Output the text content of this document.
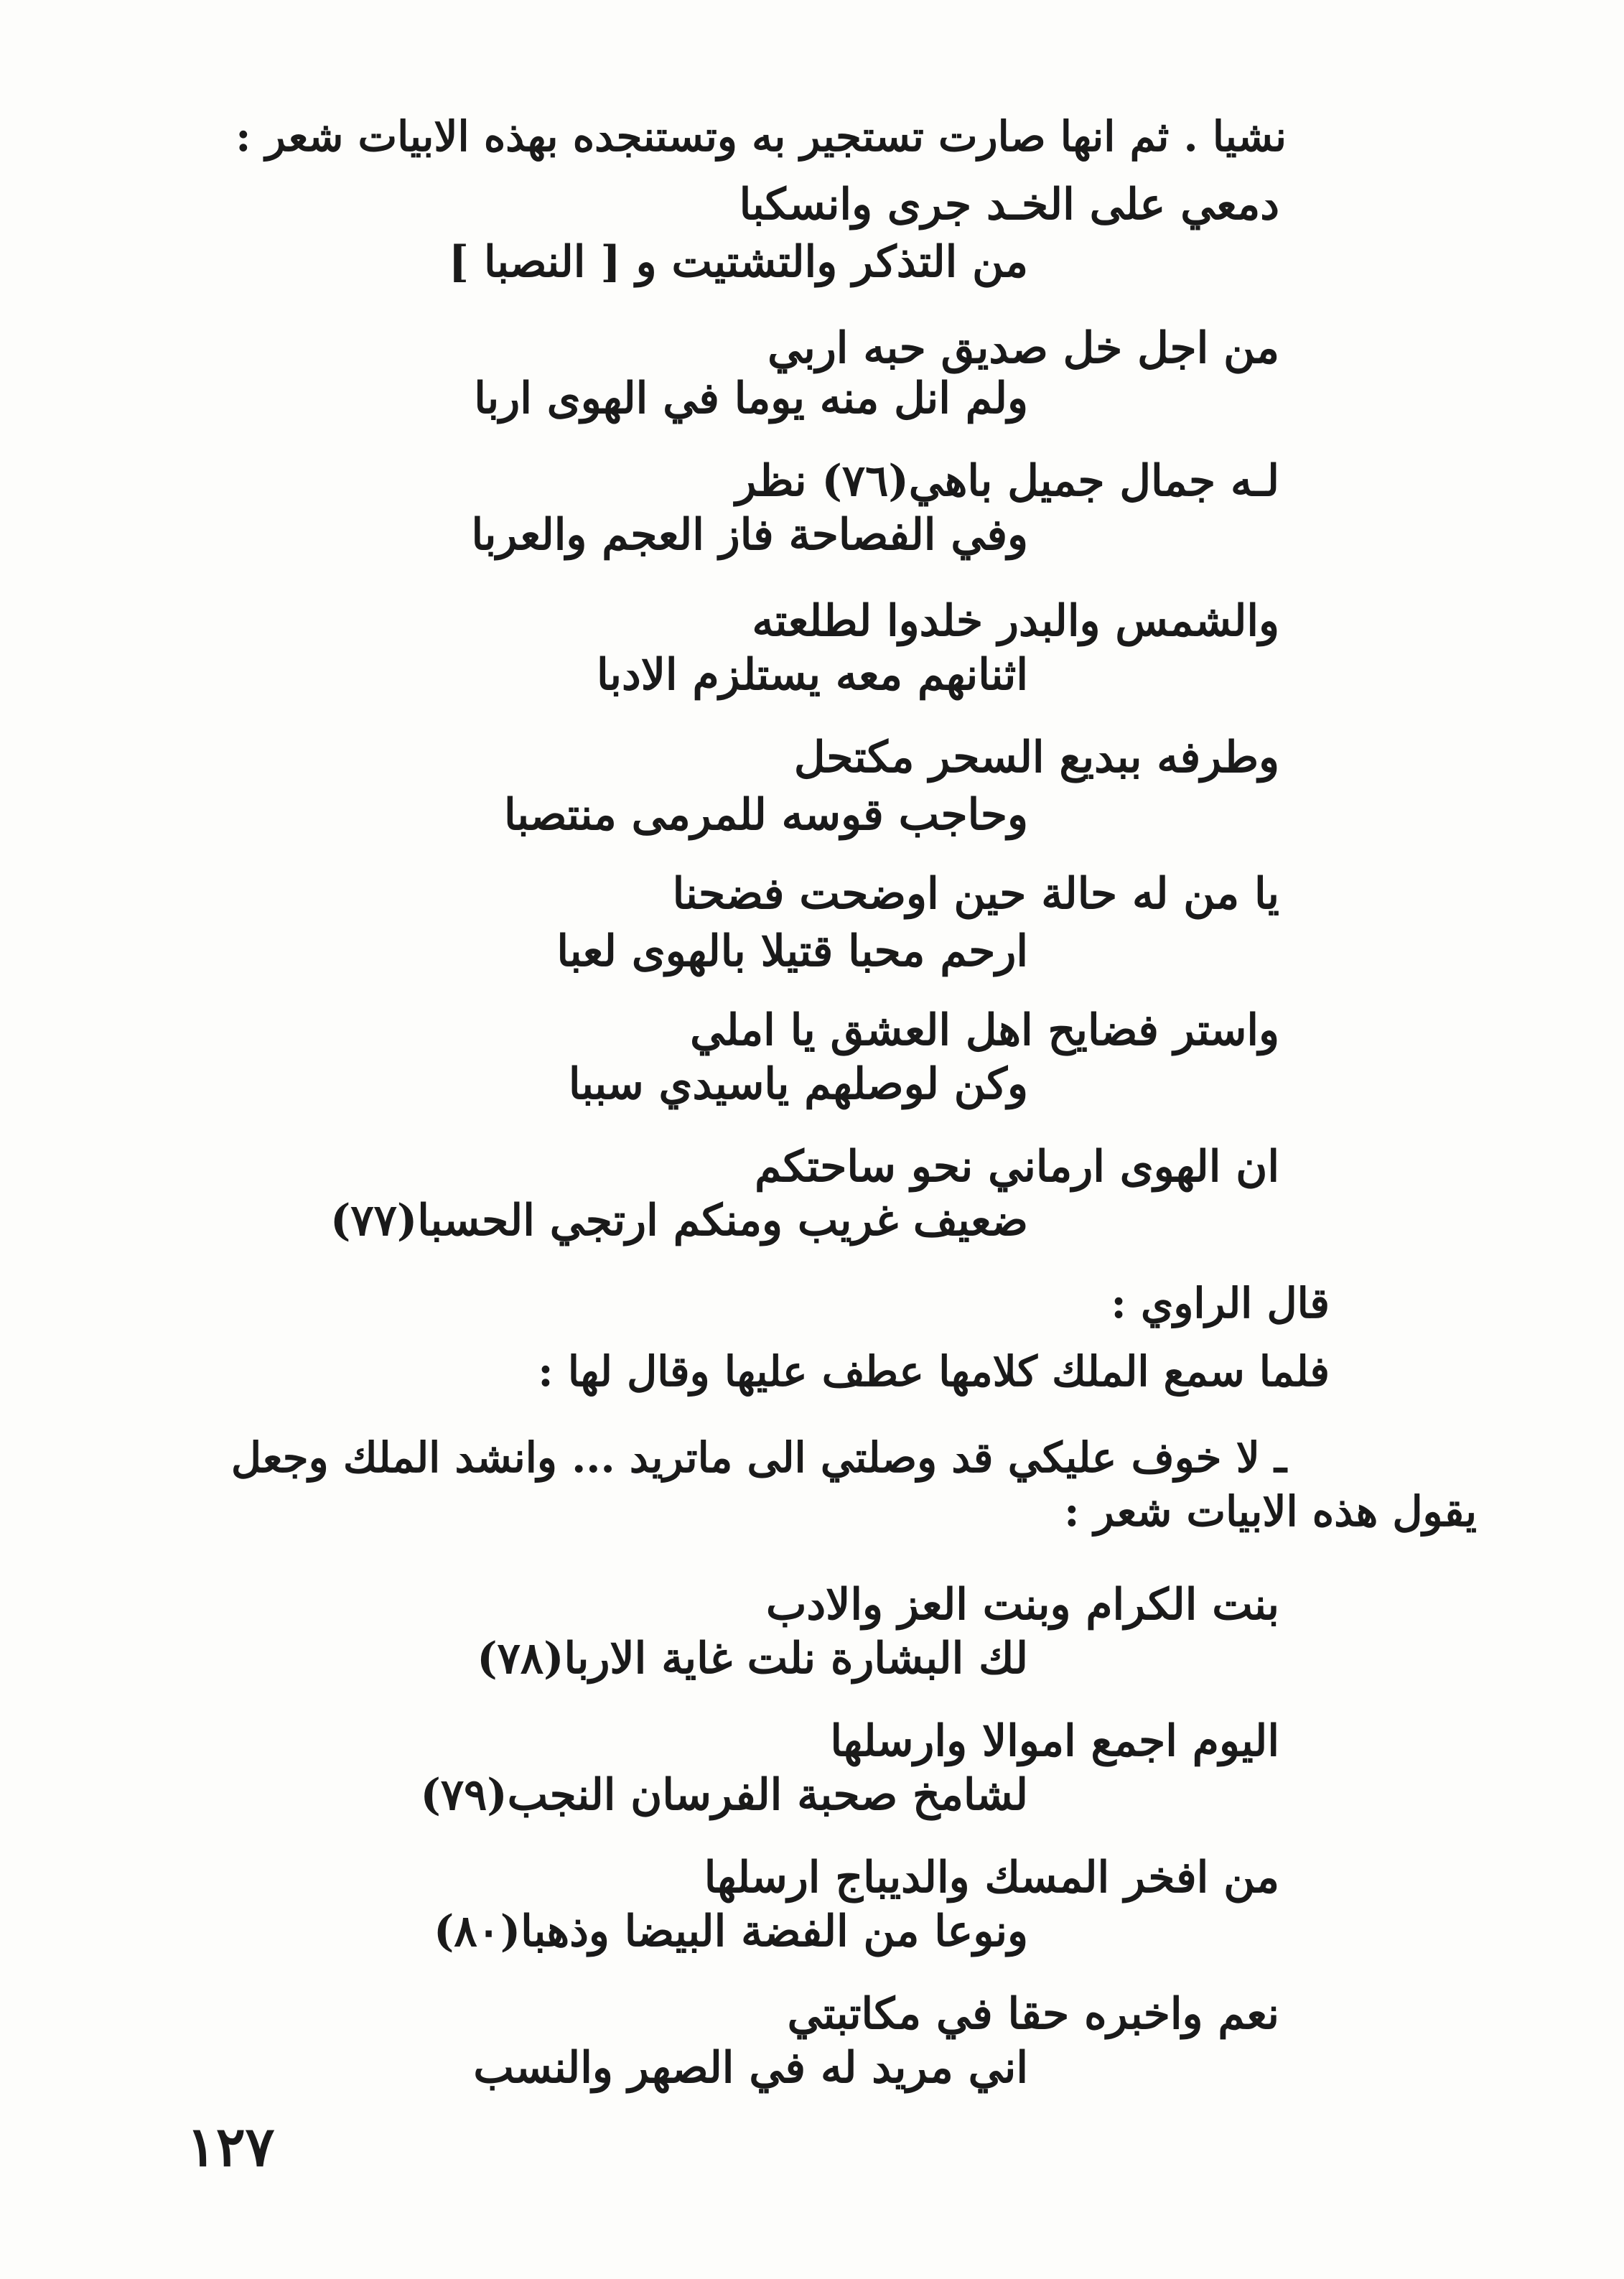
نشيا . ثم انها صارت تستجير به وتستنجده بهذه الابيات شعر :
دمعي على الخـد جرى وانسكبا
من التذكر والتشتيت و [ النصبا ]
من اجل خل صديق حبه اربي
ولم انل منه يوما في الهوى اربا
لـه جمال جميل باهي(٧٦) نظر
وفي الفصاحة فاز العجم والعربا
والشمس والبدر خلدوا لطلعته
اثنانهم معه يستلزم الادبا
وطرفه ببديع السحر مكتحل
وحاجب قوسه للمرمى منتصبا
يا من له حالة حين اوضحت فضحنا
ارحم محبا قتيلا بالهوى لعبا
واستر فضايح اهل العشق يا املي
وكن لوصلهم ياسيدي سببا
ان الهوى ارماني نحو ساحتكم
ضعيف غريب ومنكم ارتجي الحسبا(٧٧)
قال الراوي :
فلما سمع الملك كلامها عطف عليها وقال لها :
ـ لا خوف عليكي قد وصلتي الى ماتريد ... وانشد الملك وجعل
يقول هذه الابيات شعر :
بنت الكرام وبنت العز والادب
لك البشارة نلت غاية الاربا(٧٨)
اليوم اجمع اموالا وارسلها
لشامخ صحبة الفرسان النجب(٧٩)
من افخر المسك والديباج ارسلها
ونوعا من الفضة البيضا وذهبا(٨٠)
نعم واخبره حقا في مكاتبتي
اني مريد له في الصهر والنسب
١٢٧
